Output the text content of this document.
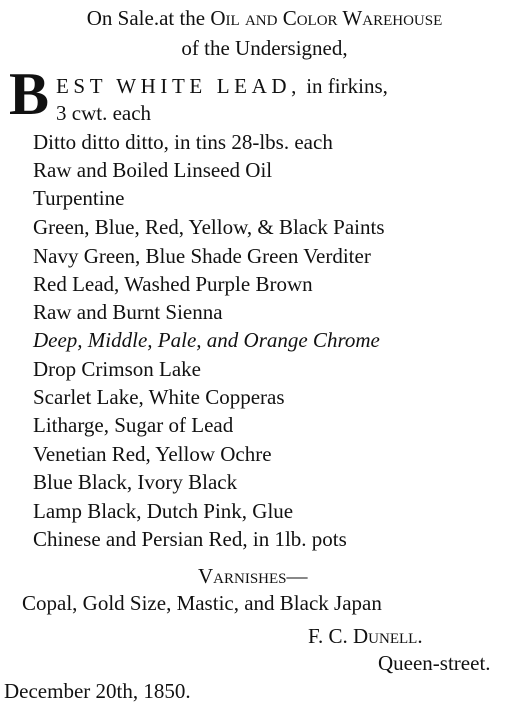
On Sale.at the Oil and Color Warehouse
of the Undersigned,
B EST WHITE LEAD, in firkins,
3 cwt. each
Ditto ditto ditto, in tins 28-lbs. each
Raw and Boiled Linseed Oil
Turpentine
Green, Blue, Red, Yellow, & Black Paints
Navy Green, Blue Shade Green Verditer
Red Lead, Washed Purple Brown
Raw and Burnt Sienna
Deep, Middle, Pale, and Orange Chrome
Drop Crimson Lake
Scarlet Lake, White Copperas
Litharge, Sugar of Lead
Venetian Red, Yellow Ochre
Blue Black, Ivory Black
Lamp Black, Dutch Pink, Glue
Chinese and Persian Red, in 1lb. pots
Varnishes—
Copal, Gold Size, Mastic, and Black Japan
F. C. Dunell.
Queen-street.
December 20th, 1850.
